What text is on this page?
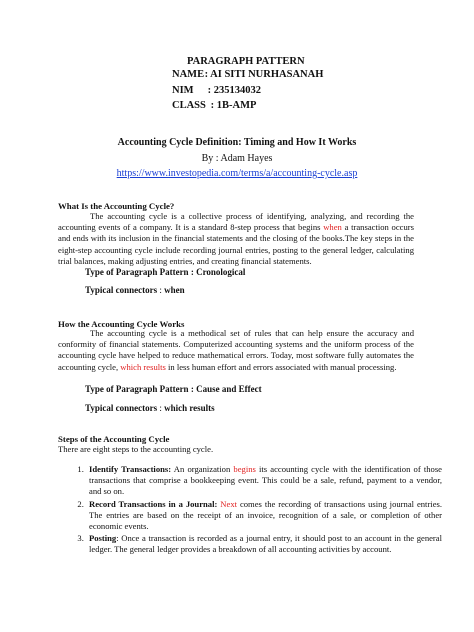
PARAGRAPH PATTERN
NAME : AI SITI NURHASANAH
NIM : 235134032
CLASS : 1B-AMP
Accounting Cycle Definition: Timing and How It Works
By : Adam Hayes
https://www.investopedia.com/terms/a/accounting-cycle.asp
What Is the Accounting Cycle?
The accounting cycle is a collective process of identifying, analyzing, and recording the accounting events of a company. It is a standard 8-step process that begins when a transaction occurs and ends with its inclusion in the financial statements and the closing of the books.The key steps in the eight-step accounting cycle include recording journal entries, posting to the general ledger, calculating trial balances, making adjusting entries, and creating financial statements.
Type of Paragraph Pattern : Cronological
Typical connectors : when
How the Accounting Cycle Works
The accounting cycle is a methodical set of rules that can help ensure the accuracy and conformity of financial statements. Computerized accounting systems and the uniform process of the accounting cycle have helped to reduce mathematical errors. Today, most software fully automates the accounting cycle, which results in less human effort and errors associated with manual processing.
Type of Paragraph Pattern : Cause and Effect
Typical connectors : which results
Steps of the Accounting Cycle
There are eight steps to the accounting cycle.
1. Identify Transactions: An organization begins its accounting cycle with the identification of those transactions that comprise a bookkeeping event. This could be a sale, refund, payment to a vendor, and so on.
2. Record Transactions in a Journal: Next comes the recording of transactions using journal entries. The entries are based on the receipt of an invoice, recognition of a sale, or completion of other economic events.
3. Posting: Once a transaction is recorded as a journal entry, it should post to an account in the general ledger. The general ledger provides a breakdown of all accounting activities by account.
